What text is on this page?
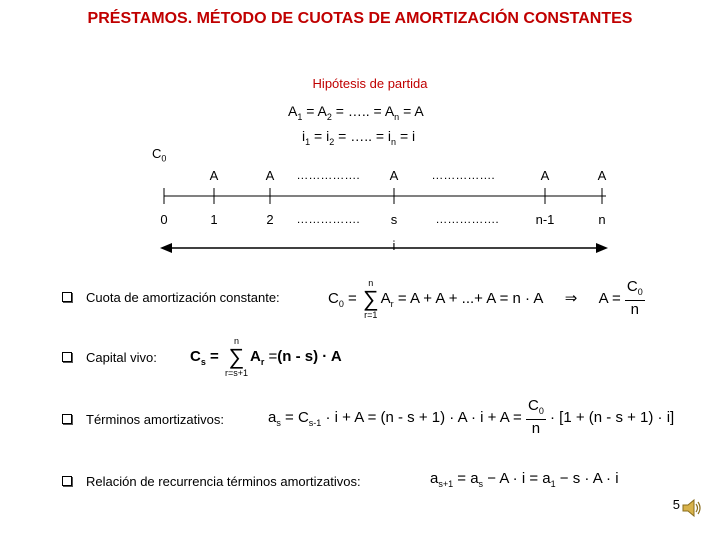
PRÉSTAMOS. MÉTODO DE CUOTAS DE AMORTIZACIÓN CONSTANTES
Hipótesis de partida
$A_1 = A_2$ = ….. = $A_n = A$
$i_1 = i_2$ = ….. = $i_n = i$
$C_0$
A	A ……………. A	…………….	A	A
0	1	2 ……………. s	…………….	n-1	n
i
Cuota de amortización constante:	$C_0$ =
n
∑
r=1
$A_r = A + A$ + ...+ A = n · A ⇒ $A = \frac{C_0}{n}$
Capital vivo: $C_s$ =
n
∑
r=s+1
$A_r =(n - s) \cdot A$
Términos amortizativos:	$a_s = C_{s-1} \cdot i + A = (n - s + 1) \cdot A \cdot i + A = \frac{C_0}{n} \cdot [1 + (n - s + 1) \cdot i]$
Relación de recurrencia términos amortizativos:	$a_{s+1} = a_s - A \cdot i = a_1 - s \cdot A \cdot i$
5
